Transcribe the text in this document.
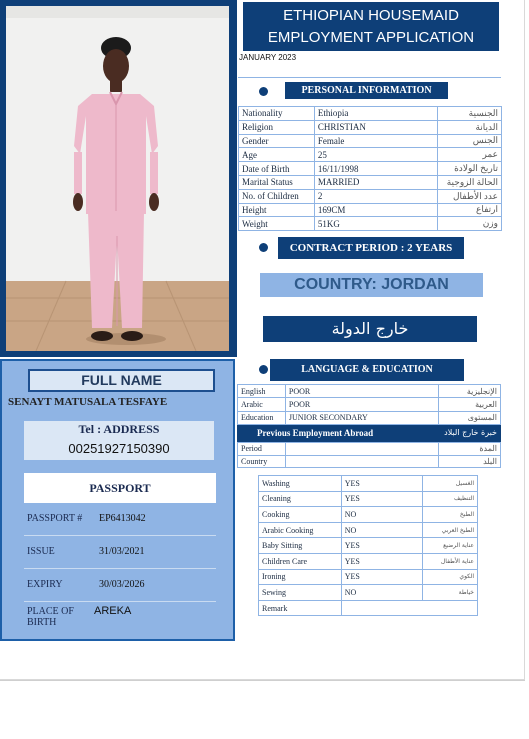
FULL NAME
SENAYT MATUSALA TESFAYE
Tel : ADDRESS
00251927150390
PASSPORT
PASSPORT # EP6413042
ISSUE	31/03/2021
EXPIRY	30/03/2026
PLACE OF BIRTH
AREKA
ETHIOPIAN HOUSEMAID
EMPLOYMENT APPLICATION
JANUARY 2023
PERSONAL INFORMATION
Nationality	Ethiopia	الجنسية
Religion	CHRISTIAN	الديانة
Gender	Female	الجنس
Age	25	عمر
Date of Birth	16/11/1998	تاريخ الولادة
Marital Status	MARRIED	الحالة الزوجية
No. of Children	2	عدد الأطفال
Height	169CM	ارتفاع
Weight	51KG	وزن
CONTRACT PERIOD : 2 YEARS
COUNTRY: JORDAN
خارج الدولة
LANGUAGE & EDUCATION
English	POOR	الإنجليزية
Arabic	POOR	العربية
Education	JUNIOR SECONDARY	المستوى
Previous Employment Abroad	خبرة خارج البلاد
Period		المدة
Country		البلد
Washing	YES	الغسيل
Cleaning	YES	التنظيف
Cooking	NO	الطبخ
Arabic Cooking	NO	الطبخ العربي
Baby Sitting	YES	عناية الرضيع
Children Care	YES	عناية الأطفال
Ironing	YES	الكوي
Sewing	NO	خياطة
Remark		
